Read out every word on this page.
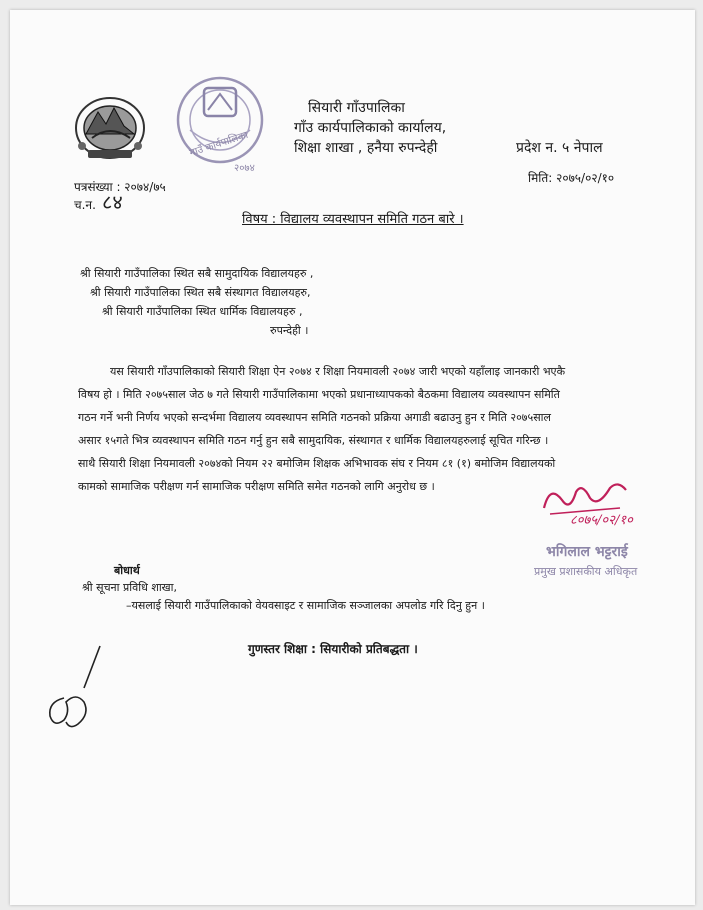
गाउँ कार्यपालिका
२०७४
सियारी गाँउपालिका
गाँउ कार्यपालिकाको कार्यालय,
शिक्षा शाखा , हनैया रुपन्देही	प्रदेश न. ५ नेपाल
मिति: २०७५/०२/१०
पत्रसंख्या : २०७४/७५
च.न. ८४
विषय : विद्यालय व्यवस्थापन समिति गठन बारे ।
श्री सियारी गाउँपालिका स्थित सबै सामुदायिक विद्यालयहरु ,
श्री सियारी गाउँपालिका स्थित सबै संस्थागत विद्यालयहरु,
श्री सियारी गाउँपालिका स्थित धार्मिक विद्यालयहरु ,
रुपन्देही ।
यस सियारी गाँउपालिकाको सियारी शिक्षा ऐन २०७४ र शिक्षा नियमावली २०७४ जारी भएको यहाँलाइ जानकारी भएकै
विषय हो । मिति २०७५साल जेठ ७ गते सियारी गाउँपालिकामा भएको प्रधानाध्यापकको बैठकमा विद्यालय व्यवस्थापन समिति
गठन गर्ने भनी निर्णय भएको सन्दर्भमा विद्यालय व्यवस्थापन समिति गठनको प्रक्रिया अगाडी बढाउनु हुन र मिति २०७५साल
असार १५गते भित्र व्यवस्थापन समिति गठन गर्नु हुन सबै सामुदायिक, संस्थागत र धार्मिक विद्यालयहरुलाई सूचित गरिन्छ ।
साथै सियारी शिक्षा नियमावली २०७४को नियम २२ बमोजिम शिक्षक अभिभावक संघ र नियम ८१ (१) बमोजिम विद्यालयको
कामको सामाजिक परीक्षण गर्न सामाजिक परीक्षण समिति समेत गठनको लागि अनुरोध छ ।
८०७५/०२/१०
भगिलाल भट्टराई
प्रमुख प्रशासकीय अधिकृत
बोधार्थ
श्री सूचना प्रविधि शाखा,
–यसलाई सियारी गाउँपालिकाको वेयवसाइट र सामाजिक सञ्जालका अपलोड गरि दिनु हुन ।
गुणस्तर शिक्षा : सियारीको प्रतिबद्धता ।
